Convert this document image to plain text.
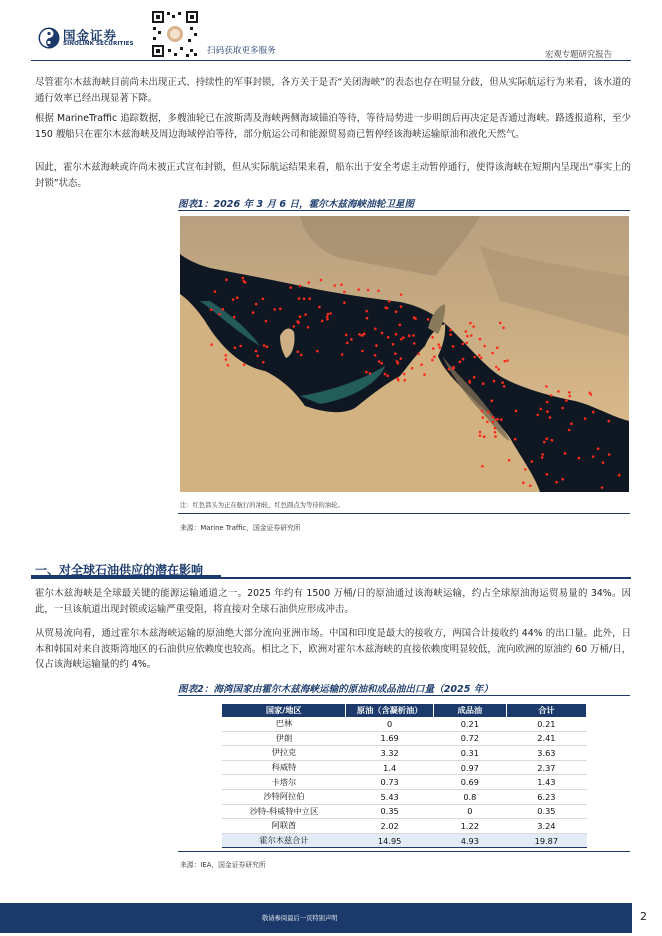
国金证券
SINOLINK SECURITIES
扫码获取更多服务	宏观专题研究报告
尽管霍尔木兹海峡目前尚未出现正式、持续性的军事封锁，各方关于是否“关闭海峡”的表态也存在明显分歧，但从实际航运行为来看，该水道的通行效率已经出现显著下降。
根据 MarineTraffic 追踪数据，多艘油轮已在波斯湾及海峡两侧海域锚泊等待，等待局势进一步明朗后再决定是否通过海峡。路透报道称，至少 150 艘船只在霍尔木兹海峡及周边海域停泊等待，部分航运公司和能源贸易商已暂停经该海峡运输原油和液化天然气。
因此，霍尔木兹海峡或许尚未被正式宣布封锁，但从实际航运结果来看，船东出于安全考虑主动暂停通行，使得该海峡在短期内呈现出“事实上的封锁”状态。
图表1：2026 年 3 月 6 日，霍尔木兹海峡油轮卫星图
注：红色箭头为正在航行的油轮，红色圆点为等待的油轮。
来源：Marine Traffic，国金证券研究所
一、对全球石油供应的潜在影响
霍尔木兹海峡是全球最关键的能源运输通道之一。2025 年约有 1500 万桶/日的原油通过该海峡运输，约占全球原油海运贸易量的 34%。因此，一旦该航道出现封锁或运输严重受阻，将直接对全球石油供应形成冲击。
从贸易流向看，通过霍尔木兹海峡运输的原油绝大部分流向亚洲市场。中国和印度是最大的接收方，两国合计接收约 44% 的出口量。此外，日本和韩国对来自波斯湾地区的石油供应依赖度也较高。相比之下，欧洲对霍尔木兹海峡的直接依赖度明显较低，流向欧洲的原油约 60 万桶/日，仅占该海峡运输量的约 4%。
图表2：海湾国家由霍尔木兹海峡运输的原油和成品油出口量（2025 年）
国家/地区	原油（含凝析油）	成品油	合计
巴林	0	0.21	0.21
伊朗	1.69	0.72	2.41
伊拉克	3.32	0.31	3.63
科威特	1.4	0.97	2.37
卡塔尔	0.73	0.69	1.43
沙特阿拉伯	5.43	0.8	6.23
沙特-科威特中立区	0.35	0	0.35
阿联酋	2.02	1.22	3.24
霍尔木兹合计	14.95	4.93	19.87
来源：IEA，国金证券研究所
敬请参阅最后一页特别声明	2
